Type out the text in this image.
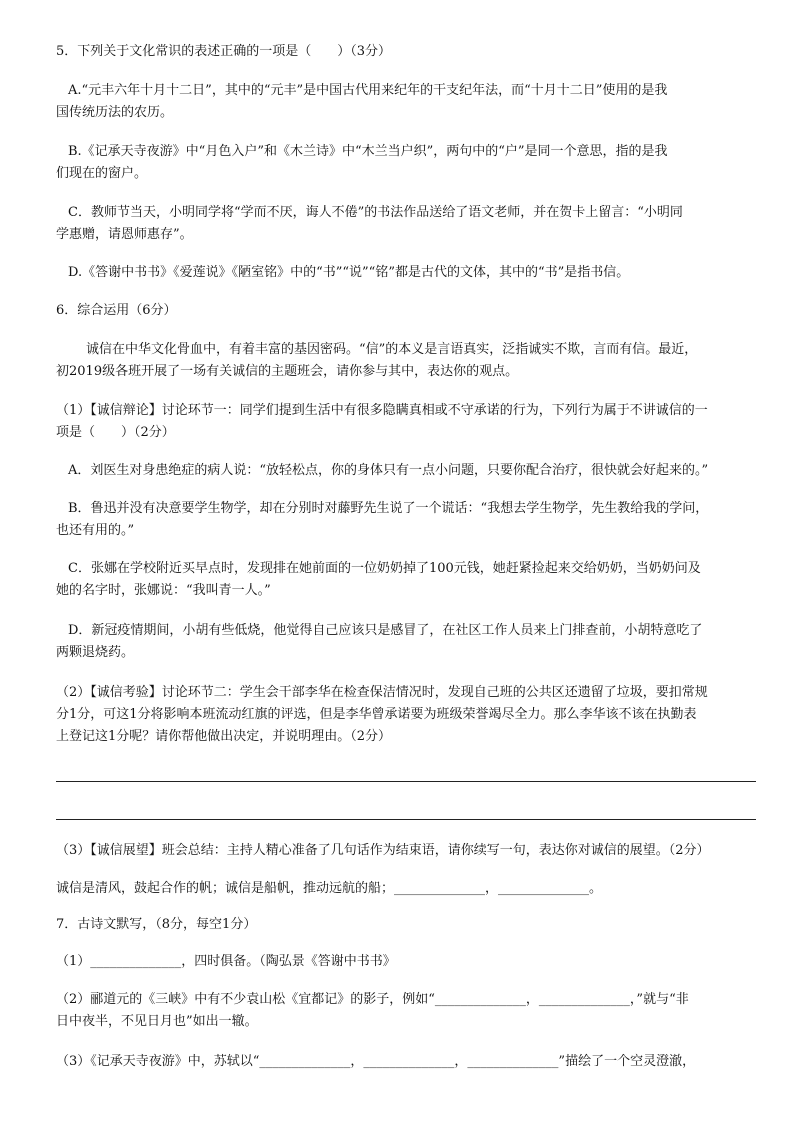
5．下列关于文化常识的表述正确的一项是（　　）（3分）
A.“元丰六年十月十二日”，其中的“元丰”是中国古代用来纪年的干支纪年法，而“十月十二日”使用的是我
国传统历法的农历。
B.《记承天寺夜游》中“月色入户”和《木兰诗》中“木兰当户织”，两句中的“户”是同一个意思，指的是我
们现在的窗户。
C．教师节当天，小明同学将“学而不厌，诲人不倦”的书法作品送给了语文老师，并在贺卡上留言：“小明同
学惠赠，请恩师惠存”。
D.《答谢中书书》《爱莲说》《陋室铭》中的“书”“说”“铭”都是古代的文体，其中的“书”是指书信。
6．综合运用（6分）
诚信在中华文化骨血中，有着丰富的基因密码。“信”的本义是言语真实，泛指诚实不欺，言而有信。最近，
初2019级各班开展了一场有关诚信的主题班会，请你参与其中，表达你的观点。
（1）【诚信辩论】讨论环节一：同学们提到生活中有很多隐瞒真相或不守承诺的行为，下列行为属于不讲诚信的一
项是（　　）（2分）
A．刘医生对身患绝症的病人说：“放轻松点，你的身体只有一点小问题，只要你配合治疗，很快就会好起来的。”
B．鲁迅并没有决意要学生物学，却在分别时对藤野先生说了一个谎话：“我想去学生物学，先生教给我的学问，
也还有用的。”
C．张娜在学校附近买早点时，发现排在她前面的一位奶奶掉了100元钱，她赶紧捡起来交给奶奶，当奶奶问及
她的名字时，张娜说：“我叫青一人。”
D．新冠疫情期间，小胡有些低烧，他觉得自己应该只是感冒了，在社区工作人员来上门排查前，小胡特意吃了
两颗退烧药。
（2）【诚信考验】讨论环节二：学生会干部李华在检查保洁情况时，发现自己班的公共区还遗留了垃圾，要扣常规
分1分，可这1分将影响本班流动红旗的评选，但是李华曾承诺要为班级荣誉竭尽全力。那么李华该不该在执勤表
上登记这1分呢？请你帮他做出决定，并说明理由。（2分）
（3）【诚信展望】班会总结：主持人精心准备了几句话作为结束语，请你续写一句，表达你对诚信的展望。（2分）
诚信是清风，鼓起合作的帆；诚信是船帆，推动远航的船；______________，______________。
7．古诗文默写，（8分，每空1分）
（1）______________，四时俱备。（陶弘景《答谢中书书》
（2）郦道元的《三峡》中有不少袁山松《宜都记》的影子，例如“______________，______________，”就与“非
日中夜半，不见日月也”如出一辙。
（3）《记承天寺夜游》中，苏轼以“______________，______________，______________”描绘了一个空灵澄澈，
